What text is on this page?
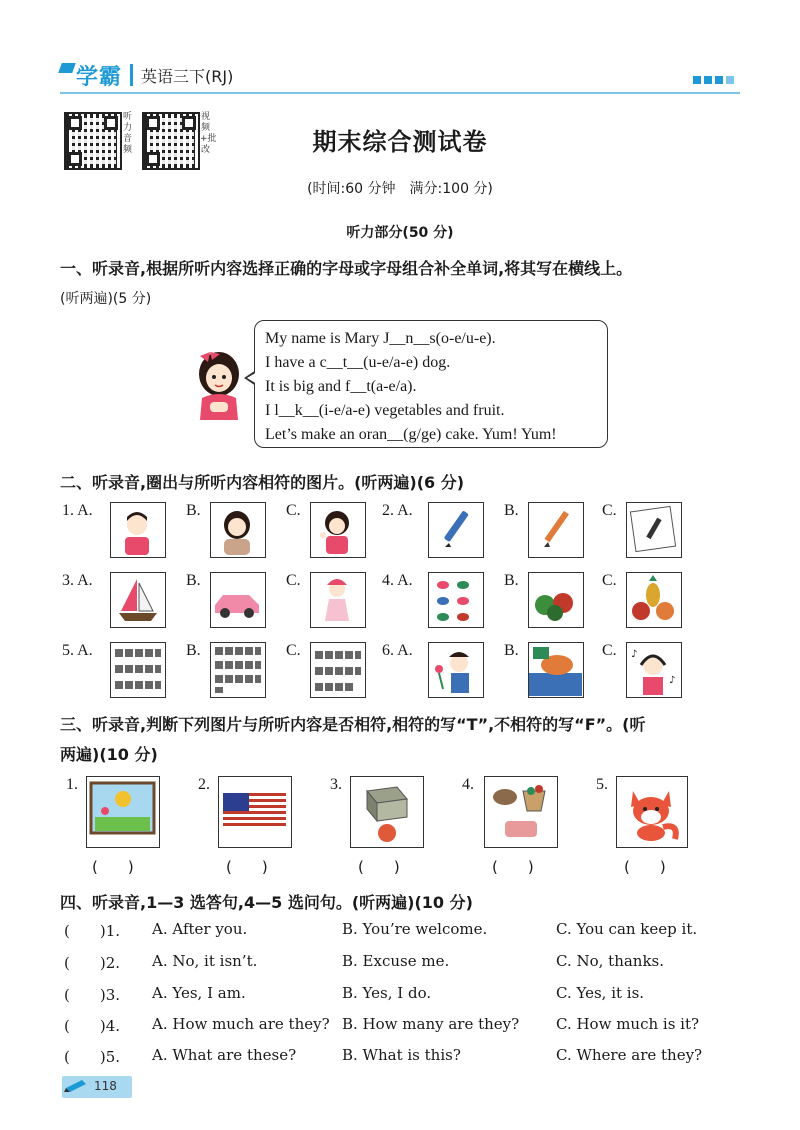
学霸 英语三下(RJ)
听力音频
视频+批改	期末综合测试卷
(时间:60 分钟　满分:100 分)
听力部分(50 分)
一、听录音,根据所听内容选择正确的字母或字母组合补全单词,将其写在横线上。
(听两遍)(5 分)
My name is Mary J__n__s(o-e/u-e).
I have a c__t__(u-e/a-e) dog.
It is big and f__t(a-e/a).
I l__k__(i-e/a-e) vegetables and fruit.
Let’s make an oran__(g/ge) cake. Yum! Yum!
二、听录音,圈出与所听内容相符的图片。(听两遍)(6 分)
1. A.	B.	C.	2. A.	B.	C.
3. A.	B.	C.	4. A.	B.	C.
5. A.	B.	C.	6. A.	B.	C. ♪
♪
三、听录音,判断下列图片与所听内容是否相符,相符的写“T”,不相符的写“F”。(听
两遍)(10 分)
1.	2.	3.	4.	5.
(　　)	(　　)	(　　)	(　　)	(　　)
四、听录音,1—3 选答句,4—5 选问句。(听两遍)(10 分)
(　　)1. A. After you.	B. You’re welcome.	C. You can keep it.
(　　)2. A. No, it isn’t.	B. Excuse me.	C. No, thanks.
(　　)3. A. Yes, I am.	B. Yes, I do.	C. Yes, it is.
(　　)4. A. How much are they? B. How many are they? C. How much is it?
(　　)5. A. What are these?	B. What is this?	C. Where are they?
118
